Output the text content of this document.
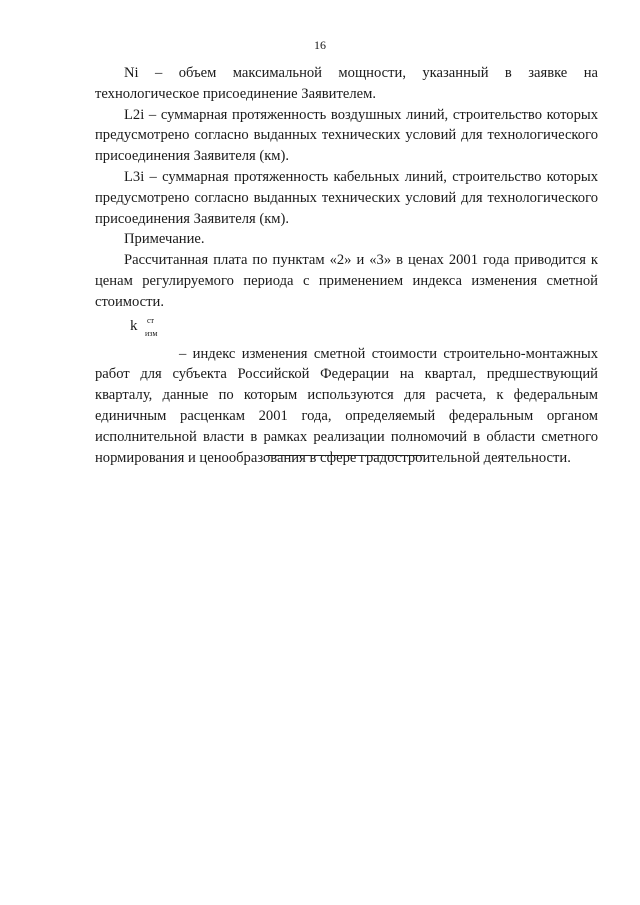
16

Ni – объем максимальной мощности, указанный в заявке на технологическое присоединение Заявителем.

L2i – суммарная протяженность воздушных линий, строительство которых предусмотрено согласно выданных технических условий для технологического присоединения Заявителя (км).

L3i – суммарная протяженность кабельных линий, строительство которых предусмотрено согласно выданных технических условий для технологического присоединения Заявителя (км).

Примечание.

Рассчитанная плата по пунктам «2» и «3» в ценах 2001 года приводится к ценам регулируемого периода с применением индекса изменения сметной стоимости.

k ст
изм

– индекс изменения сметной стоимости строительно-монтажных работ для субъекта Российской Федерации на квартал, предшествующий кварталу, данные по которым используются для расчета, к федеральным единичным расценкам 2001 года, определяемый федеральным органом исполнительной власти в рамках реализации полномочий в области сметного нормирования и ценообразования в сфере градостроительной деятельности.
